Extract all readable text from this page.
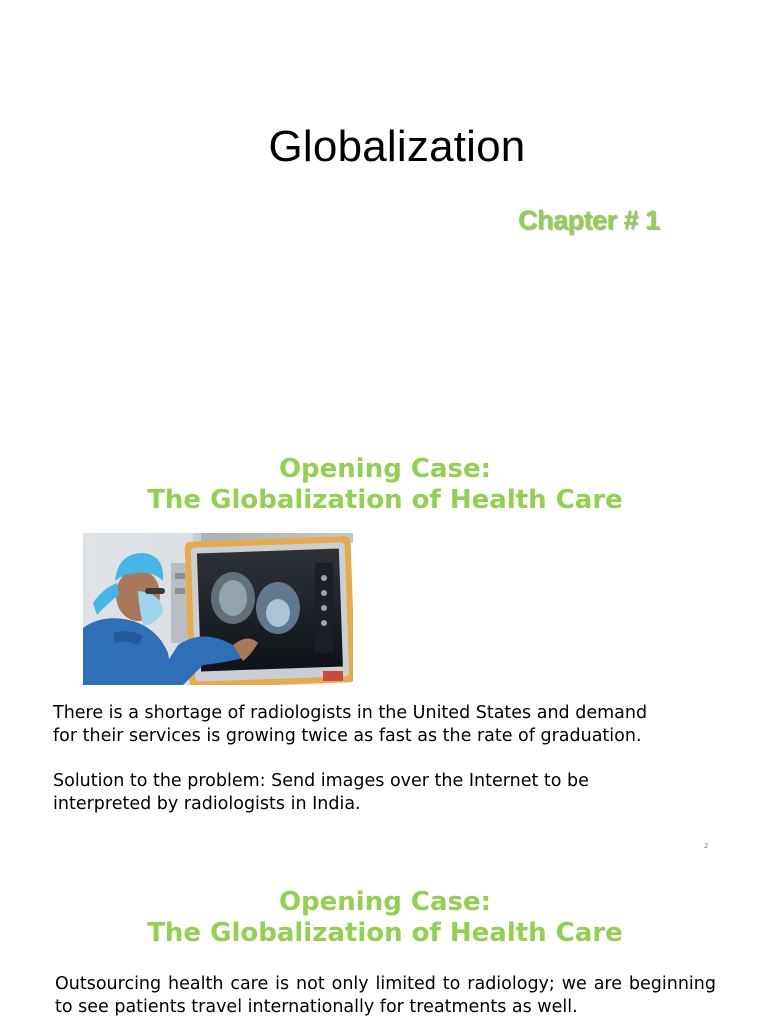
Globalization
Chapter # 1
Opening Case:
The Globalization of Health Care

There is a shortage of radiologists in the United States and demand
for their services is growing twice as fast as the rate of graduation.

Solution to the problem: Send images over the Internet to be
interpreted by radiologists in India.

2
Opening Case:
The Globalization of Health Care

Outsourcing health care is not only limited to radiology; we are beginning to see patients travel internationally for treatments as well.
